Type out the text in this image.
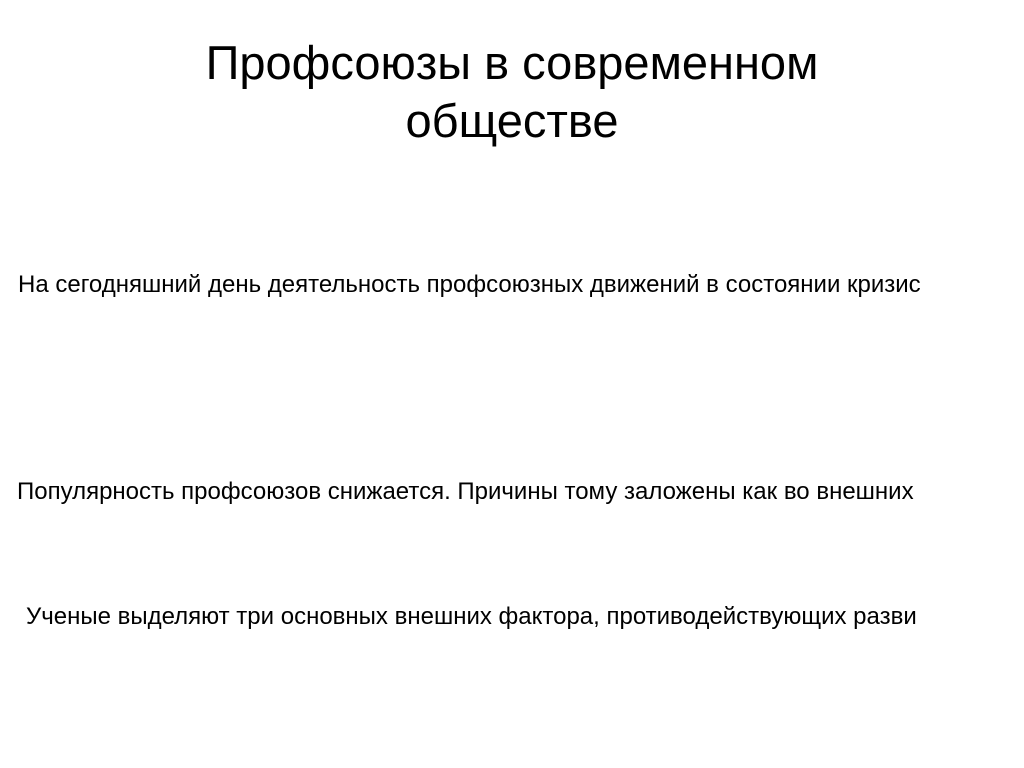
Профсоюзы в современном
обществе

На сегодняшний день деятельность профсоюзных движений в состоянии кризис

Популярность профсоюзов снижается. Причины тому заложены как во внешних

Ученые выделяют три основных внешних фактора, противодействующих разви
